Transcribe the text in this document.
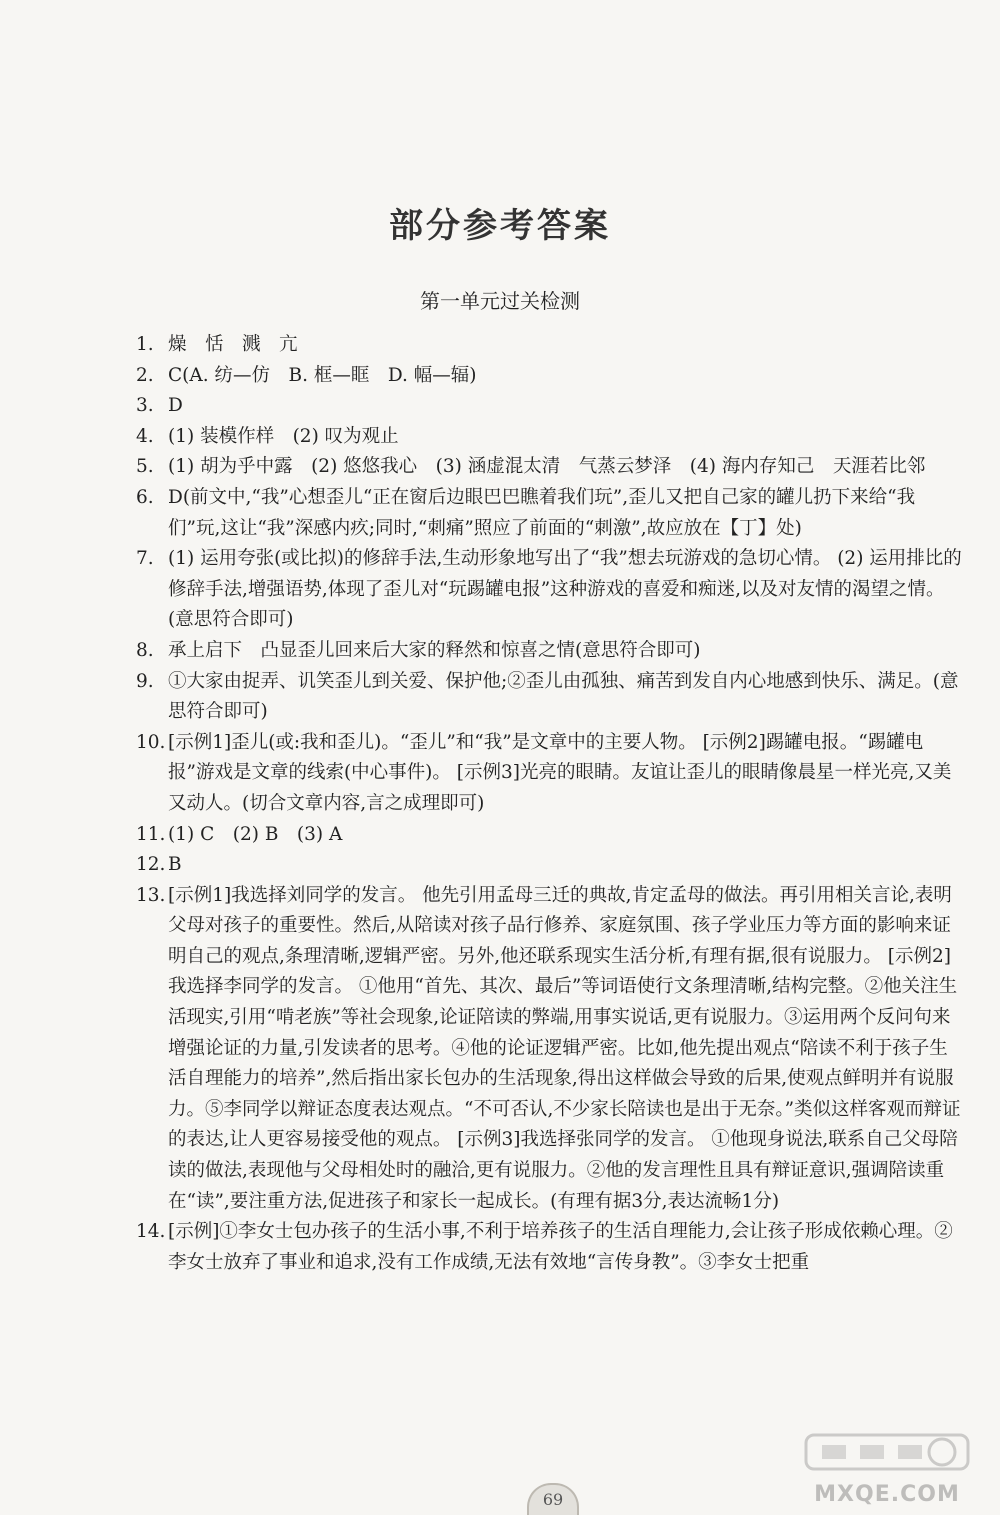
部分参考答案
第一单元过关检测
1. 燥　恬　溅　亢
2. C(A. 纺—仿　B. 框—眶　D. 幅—辐)
3. D
4. (1) 装模作样　(2) 叹为观止
5. (1) 胡为乎中露　(2) 悠悠我心　(3) 涵虚混太清　气蒸云梦泽　(4) 海内存知己　天涯若比邻
6. D(前文中,“我”心想歪儿“正在窗后边眼巴巴瞧着我们玩”,歪儿又把自己家的罐儿扔下来给“我们”玩,这让“我”深感内疚;同时,“刺痛”照应了前面的“刺激”,故应放在【丁】处)
7. (1) 运用夸张(或比拟)的修辞手法,生动形象地写出了“我”想去玩游戏的急切心情。 (2) 运用排比的修辞手法,增强语势,体现了歪儿对“玩踢罐电报”这种游戏的喜爱和痴迷,以及对友情的渴望之情。(意思符合即可)
8. 承上启下　凸显歪儿回来后大家的释然和惊喜之情(意思符合即可)
9. ①大家由捉弄、讥笑歪儿到关爱、保护他;②歪儿由孤独、痛苦到发自内心地感到快乐、满足。(意思符合即可)
10. [示例1]歪儿(或:我和歪儿)。“歪儿”和“我”是文章中的主要人物。 [示例2]踢罐电报。“踢罐电报”游戏是文章的线索(中心事件)。 [示例3]光亮的眼睛。友谊让歪儿的眼睛像晨星一样光亮,又美又动人。(切合文章内容,言之成理即可)
11. (1) C　(2) B　(3) A
12. B
13. [示例1]我选择刘同学的发言。 他先引用孟母三迁的典故,肯定孟母的做法。再引用相关言论,表明父母对孩子的重要性。然后,从陪读对孩子品行修养、家庭氛围、孩子学业压力等方面的影响来证明自己的观点,条理清晰,逻辑严密。另外,他还联系现实生活分析,有理有据,很有说服力。 [示例2]我选择李同学的发言。 ①他用“首先、其次、最后”等词语使行文条理清晰,结构完整。②他关注生活现实,引用“啃老族”等社会现象,论证陪读的弊端,用事实说话,更有说服力。③运用两个反问句来增强论证的力量,引发读者的思考。④他的论证逻辑严密。比如,他先提出观点“陪读不利于孩子生活自理能力的培养”,然后指出家长包办的生活现象,得出这样做会导致的后果,使观点鲜明并有说服力。⑤李同学以辩证态度表达观点。“不可否认,不少家长陪读也是出于无奈。”类似这样客观而辩证的表达,让人更容易接受他的观点。 [示例3]我选择张同学的发言。 ①他现身说法,联系自己父母陪读的做法,表现他与父母相处时的融洽,更有说服力。②他的发言理性且具有辩证意识,强调陪读重在“读”,要注重方法,促进孩子和家长一起成长。(有理有据3分,表达流畅1分)
14. [示例]①李女士包办孩子的生活小事,不利于培养孩子的生活自理能力,会让孩子形成依赖心理。②李女士放弃了事业和追求,没有工作成绩,无法有效地“言传身教”。③李女士把重
69	MXQE.COM
